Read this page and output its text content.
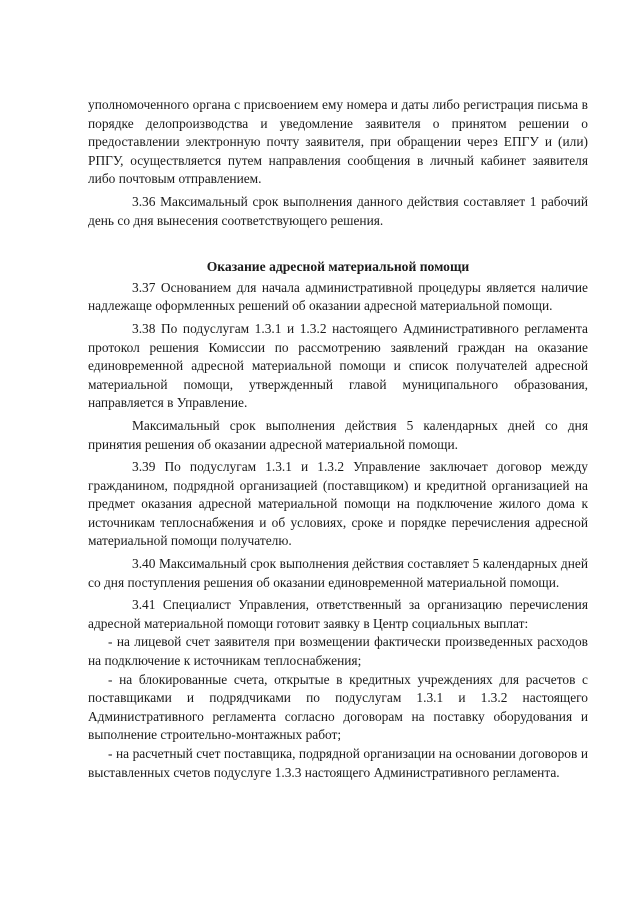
уполномоченного органа с присвоением ему номера и даты либо регистрация письма в порядке делопроизводства и уведомление заявителя о принятом решении о предоставлении электронную почту заявителя, при обращении через ЕПГУ и (или) РПГУ, осуществляется путем направления сообщения в личный кабинет заявителя либо почтовым отправлением.

3.36 Максимальный срок выполнения данного действия составляет 1 рабочий день со дня вынесения соответствующего решения.

Оказание адресной материальной помощи

3.37 Основанием для начала административной процедуры является наличие надлежаще оформленных решений об оказании адресной материальной помощи.

3.38 По подуслугам 1.3.1 и 1.3.2 настоящего Административного регламента протокол решения Комиссии по рассмотрению заявлений граждан на оказание единовременной адресной материальной помощи и список получателей адресной материальной помощи, утвержденный главой муниципального образования, направляется в Управление.

Максимальный срок выполнения действия 5 календарных дней со дня принятия решения об оказании адресной материальной помощи.

3.39 По подуслугам 1.3.1 и 1.3.2 Управление заключает договор между гражданином, подрядной организацией (поставщиком) и кредитной организацией на предмет оказания адресной материальной помощи на подключение жилого дома к источникам теплоснабжения и об условиях, сроке и порядке перечисления адресной материальной помощи получателю.

3.40 Максимальный срок выполнения действия составляет 5 календарных дней со дня поступления решения об оказании единовременной материальной помощи.

3.41 Специалист Управления, ответственный за организацию перечисления адресной материальной помощи готовит заявку в Центр социальных выплат:

- на лицевой счет заявителя при возмещении фактически произведенных расходов на подключение к источникам теплоснабжения;

- на блокированные счета, открытые в кредитных учреждениях для расчетов с поставщиками и подрядчиками по подуслугам 1.3.1 и 1.3.2 настоящего Административного регламента согласно договорам на поставку оборудования и выполнение строительно-монтажных работ;

- на расчетный счет поставщика, подрядной организации на основании договоров и выставленных счетов подуслуге 1.3.3 настоящего Административного регламента.
